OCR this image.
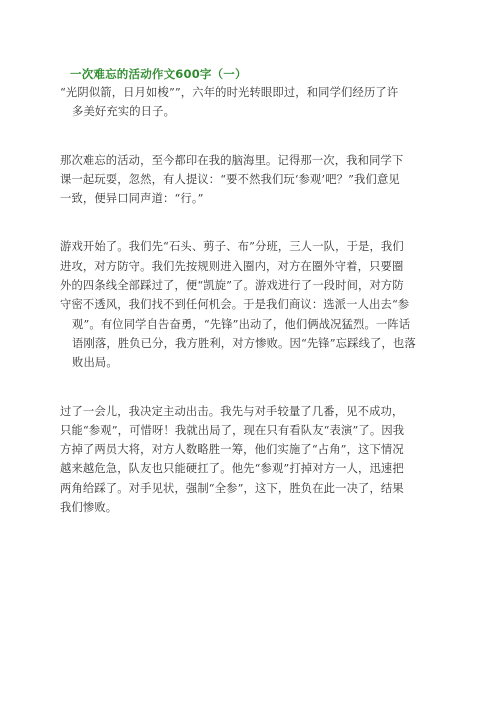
一次难忘的活动作文600字（一）
“光阴似箭，日月如梭””，六年的时光转眼即过，和同学们经历了许
多美好充实的日子。
那次难忘的活动，至今都印在我的脑海里。记得那一次，我和同学下
课一起玩耍，忽然，有人提议：“要不然我们玩‘参观’吧？”我们意见
一致，便异口同声道：“行。”
游戏开始了。我们先“石头、剪子、布”分班，三人一队，于是，我们
进攻，对方防守。我们先按规则进入圈内，对方在圈外守着，只要圈
外的四条线全部踩过了，便“凯旋”了。游戏进行了一段时间，对方防
守密不透风，我们找不到任何机会。于是我们商议：选派一人出去“参
观”。有位同学自告奋勇，“先锋”出动了，他们俩战况猛烈。一阵话
语刚落，胜负已分，我方胜利，对方惨败。因“先锋”忘踩线了，也落
败出局。
过了一会儿，我决定主动出击。我先与对手较量了几番，见不成功，
只能“参观”，可惜呀！我就出局了，现在只有看队友“表演”了。因我
方掉了两员大将，对方人数略胜一筹，他们实施了“占角”，这下情况
越来越危急，队友也只能硬扛了。他先“参观”打掉对方一人，迅速把
两角给踩了。对手见状，强制“全参”，这下，胜负在此一决了，结果
我们惨败。
